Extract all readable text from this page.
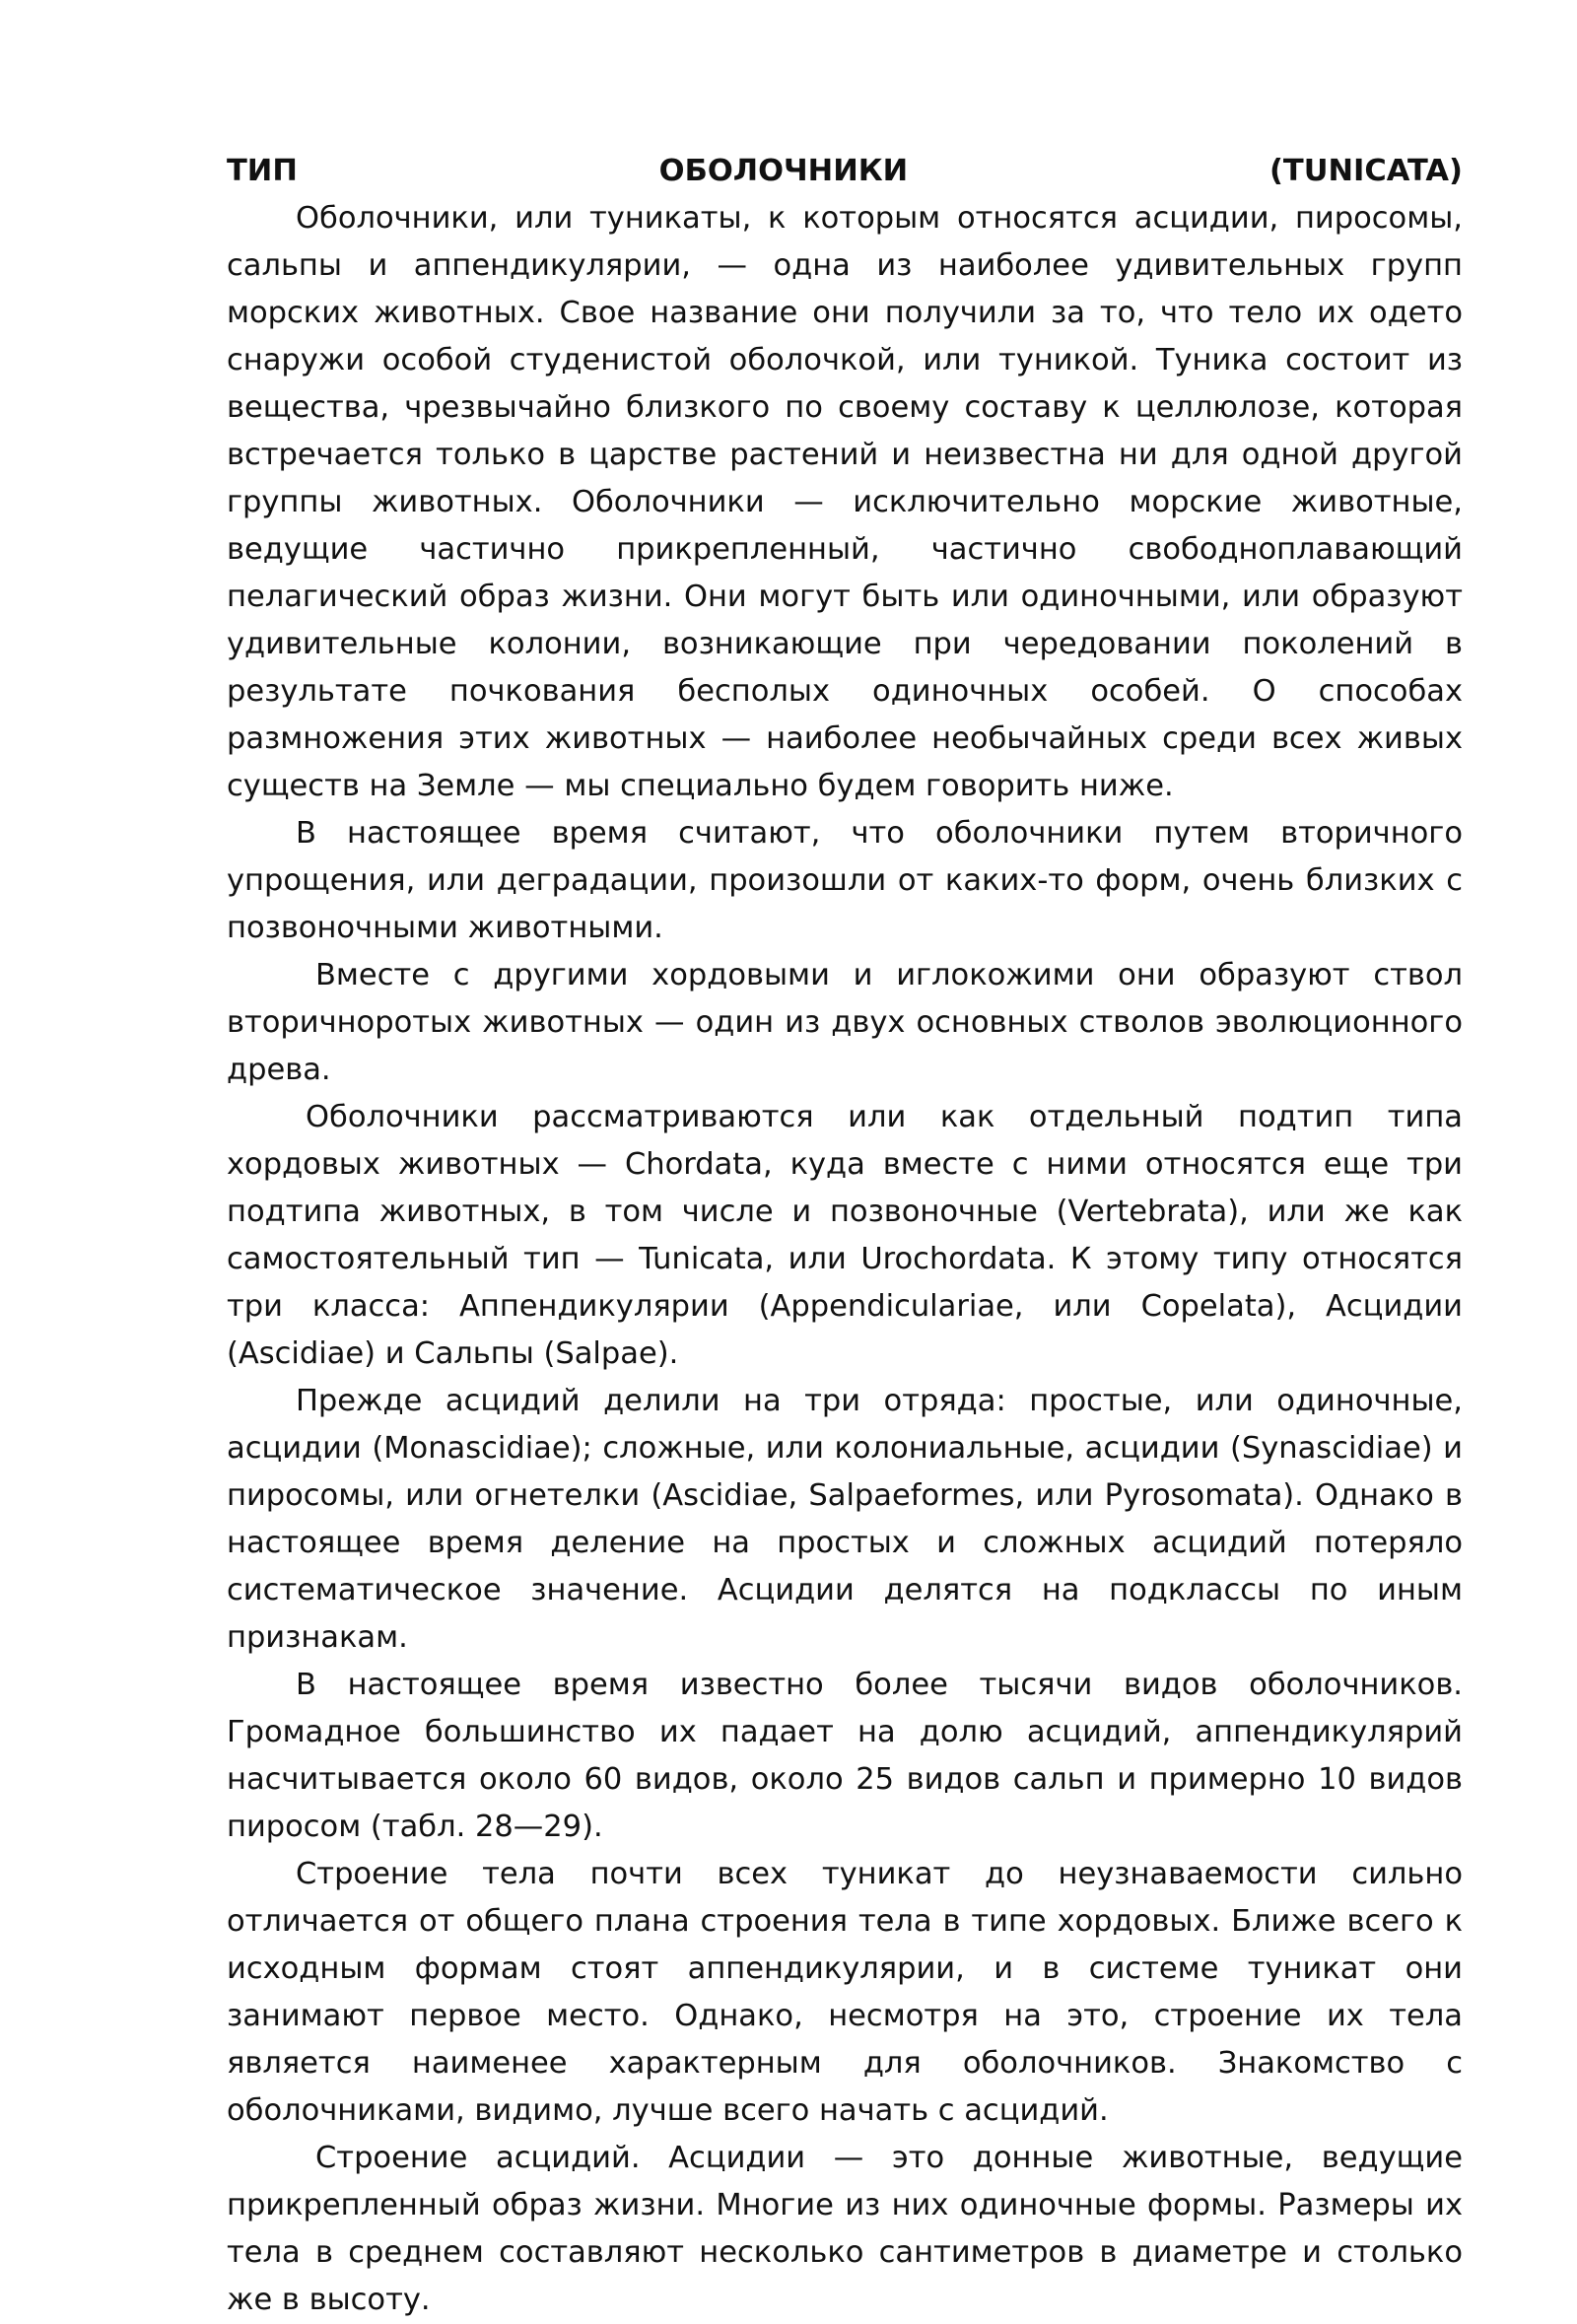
ТИП	ОБОЛОЧНИКИ	(TUNICATA)

Оболочники, или туникаты, к которым относятся асцидии, пиросомы, сальпы и аппендикулярии, — одна из наиболее удивительных групп морских животных. Свое название они получили за то, что тело их одето снаружи особой студенистой оболочкой, или туникой. Туника состоит из вещества, чрезвычайно близкого по своему составу к целлюлозе, которая встречается только в царстве растений и неизвестна ни для одной другой группы животных. Оболочники — исключительно морские животные, ведущие частично прикрепленный, частично свободноплавающий пелагический образ жизни. Они могут быть или одиночными, или образуют удивительные колонии, возникающие при чередовании поколений в результате почкования бесполых одиночных особей. О способах размножения этих животных — наиболее необычайных среди всех живых существ на Земле — мы специально будем говорить ниже.

В настоящее время считают, что оболочники путем вторичного упрощения, или деградации, произошли от каких-то форм, очень близких с позвоночными животными.

Вместе с другими хордовыми и иглокожими они образуют ствол вторичноротых животных — один из двух основных стволов эволюционного древа.

Оболочники рассматриваются или как отдельный подтип типа хордовых животных — Chordata, куда вместе с ними относятся еще три подтипа животных, в том числе и позвоночные (Vertebrata), или же как самостоятельный тип — Tunicata, или Urochordata. К этому типу относятся три класса: Аппендикулярии (Appendiculariae, или Copelata), Асцидии (Ascidiae) и Сальпы (Salpae).

Прежде асцидий делили на три отряда: простые, или одиночные, асцидии (Monascidiae); сложные, или колониальные, асцидии (Synascidiae) и пиросомы, или огнетелки (Ascidiae, Salpaeformes, или Pyrosomata). Однако в настоящее время деление на простых и сложных асцидий потеряло систематическое значение. Асцидии делятся на подклассы по иным признакам.

В настоящее время известно более тысячи видов оболочников. Громадное большинство их падает на долю асцидий, аппендикулярий насчитывается около 60 видов, около 25 видов сальп и примерно 10 видов пиросом (табл. 28—29).

Строение тела почти всех туникат до неузнаваемости сильно отличается от общего плана строения тела в типе хордовых. Ближе всего к исходным формам стоят аппендикулярии, и в системе туникат они занимают первое место. Однако, несмотря на это, строение их тела является наименее характерным для оболочников. Знакомство с оболочниками, видимо, лучше всего начать с асцидий.

Строение асцидий. Асцидии — это донные животные, ведущие прикрепленный образ жизни. Многие из них одиночные формы. Размеры их тела в среднем составляют несколько сантиметров в диаметре и столько же в высоту.
